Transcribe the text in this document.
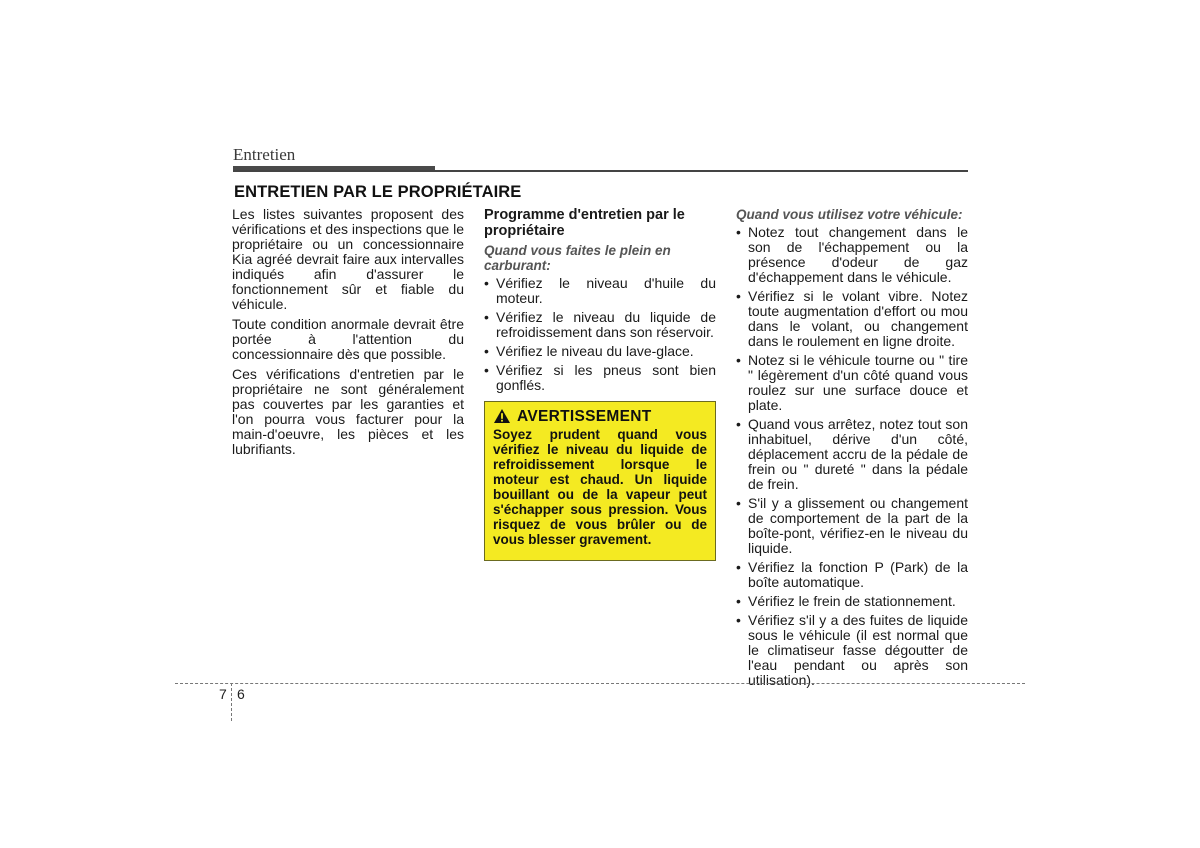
Entretien
ENTRETIEN PAR LE PROPRIÉTAIRE

Les listes suivantes proposent des vérifications et des inspections que le propriétaire ou un concessionnaire Kia agréé devrait faire aux intervalles indiqués afin d'assurer le fonctionnement sûr et fiable du véhicule.

Toute condition anormale devrait être portée à l'attention du concessionnaire dès que possible.

Ces vérifications d'entretien par le propriétaire ne sont généralement pas couvertes par les garanties et l'on pourra vous facturer pour la main-d'oeuvre, les pièces et les lubrifiants.

Programme d'entretien par le propriétaire
Quand vous faites le plein en carburant:
• Vérifiez le niveau d'huile du moteur.
• Vérifiez le niveau du liquide de refroidissement dans son réservoir.
• Vérifiez le niveau du lave-glace.
• Vérifiez si les pneus sont bien gonflés.
AVERTISSEMENT

Soyez prudent quand vous vérifiez le niveau du liquide de refroidissement lorsque le moteur est chaud. Un liquide bouillant ou de la vapeur peut s'échapper sous pression. Vous risquez de vous brûler ou de vous blesser gravement.

Quand vous utilisez votre véhicule:
• Notez tout changement dans le son de l'échappement ou la présence d'odeur de gaz d'échappement dans le véhicule.
• Vérifiez si le volant vibre. Notez toute augmentation d'effort ou mou dans le volant, ou changement dans le roulement en ligne droite.
• Notez si le véhicule tourne ou " tire " légèrement d'un côté quand vous roulez sur une surface douce et plate.
• Quand vous arrêtez, notez tout son inhabituel, dérive d'un côté, déplacement accru de la pédale de frein ou " dureté " dans la pédale de frein.
• S'il y a glissement ou changement de comportement de la part de la boîte-pont, vérifiez-en le niveau du liquide.
• Vérifiez la fonction P (Park) de la boîte automatique.
• Vérifiez le frein de stationnement.
• Vérifiez s'il y a des fuites de liquide sous le véhicule (il est normal que le climatiseur fasse dégoutter de l'eau pendant ou après son utilisation).
7 6
